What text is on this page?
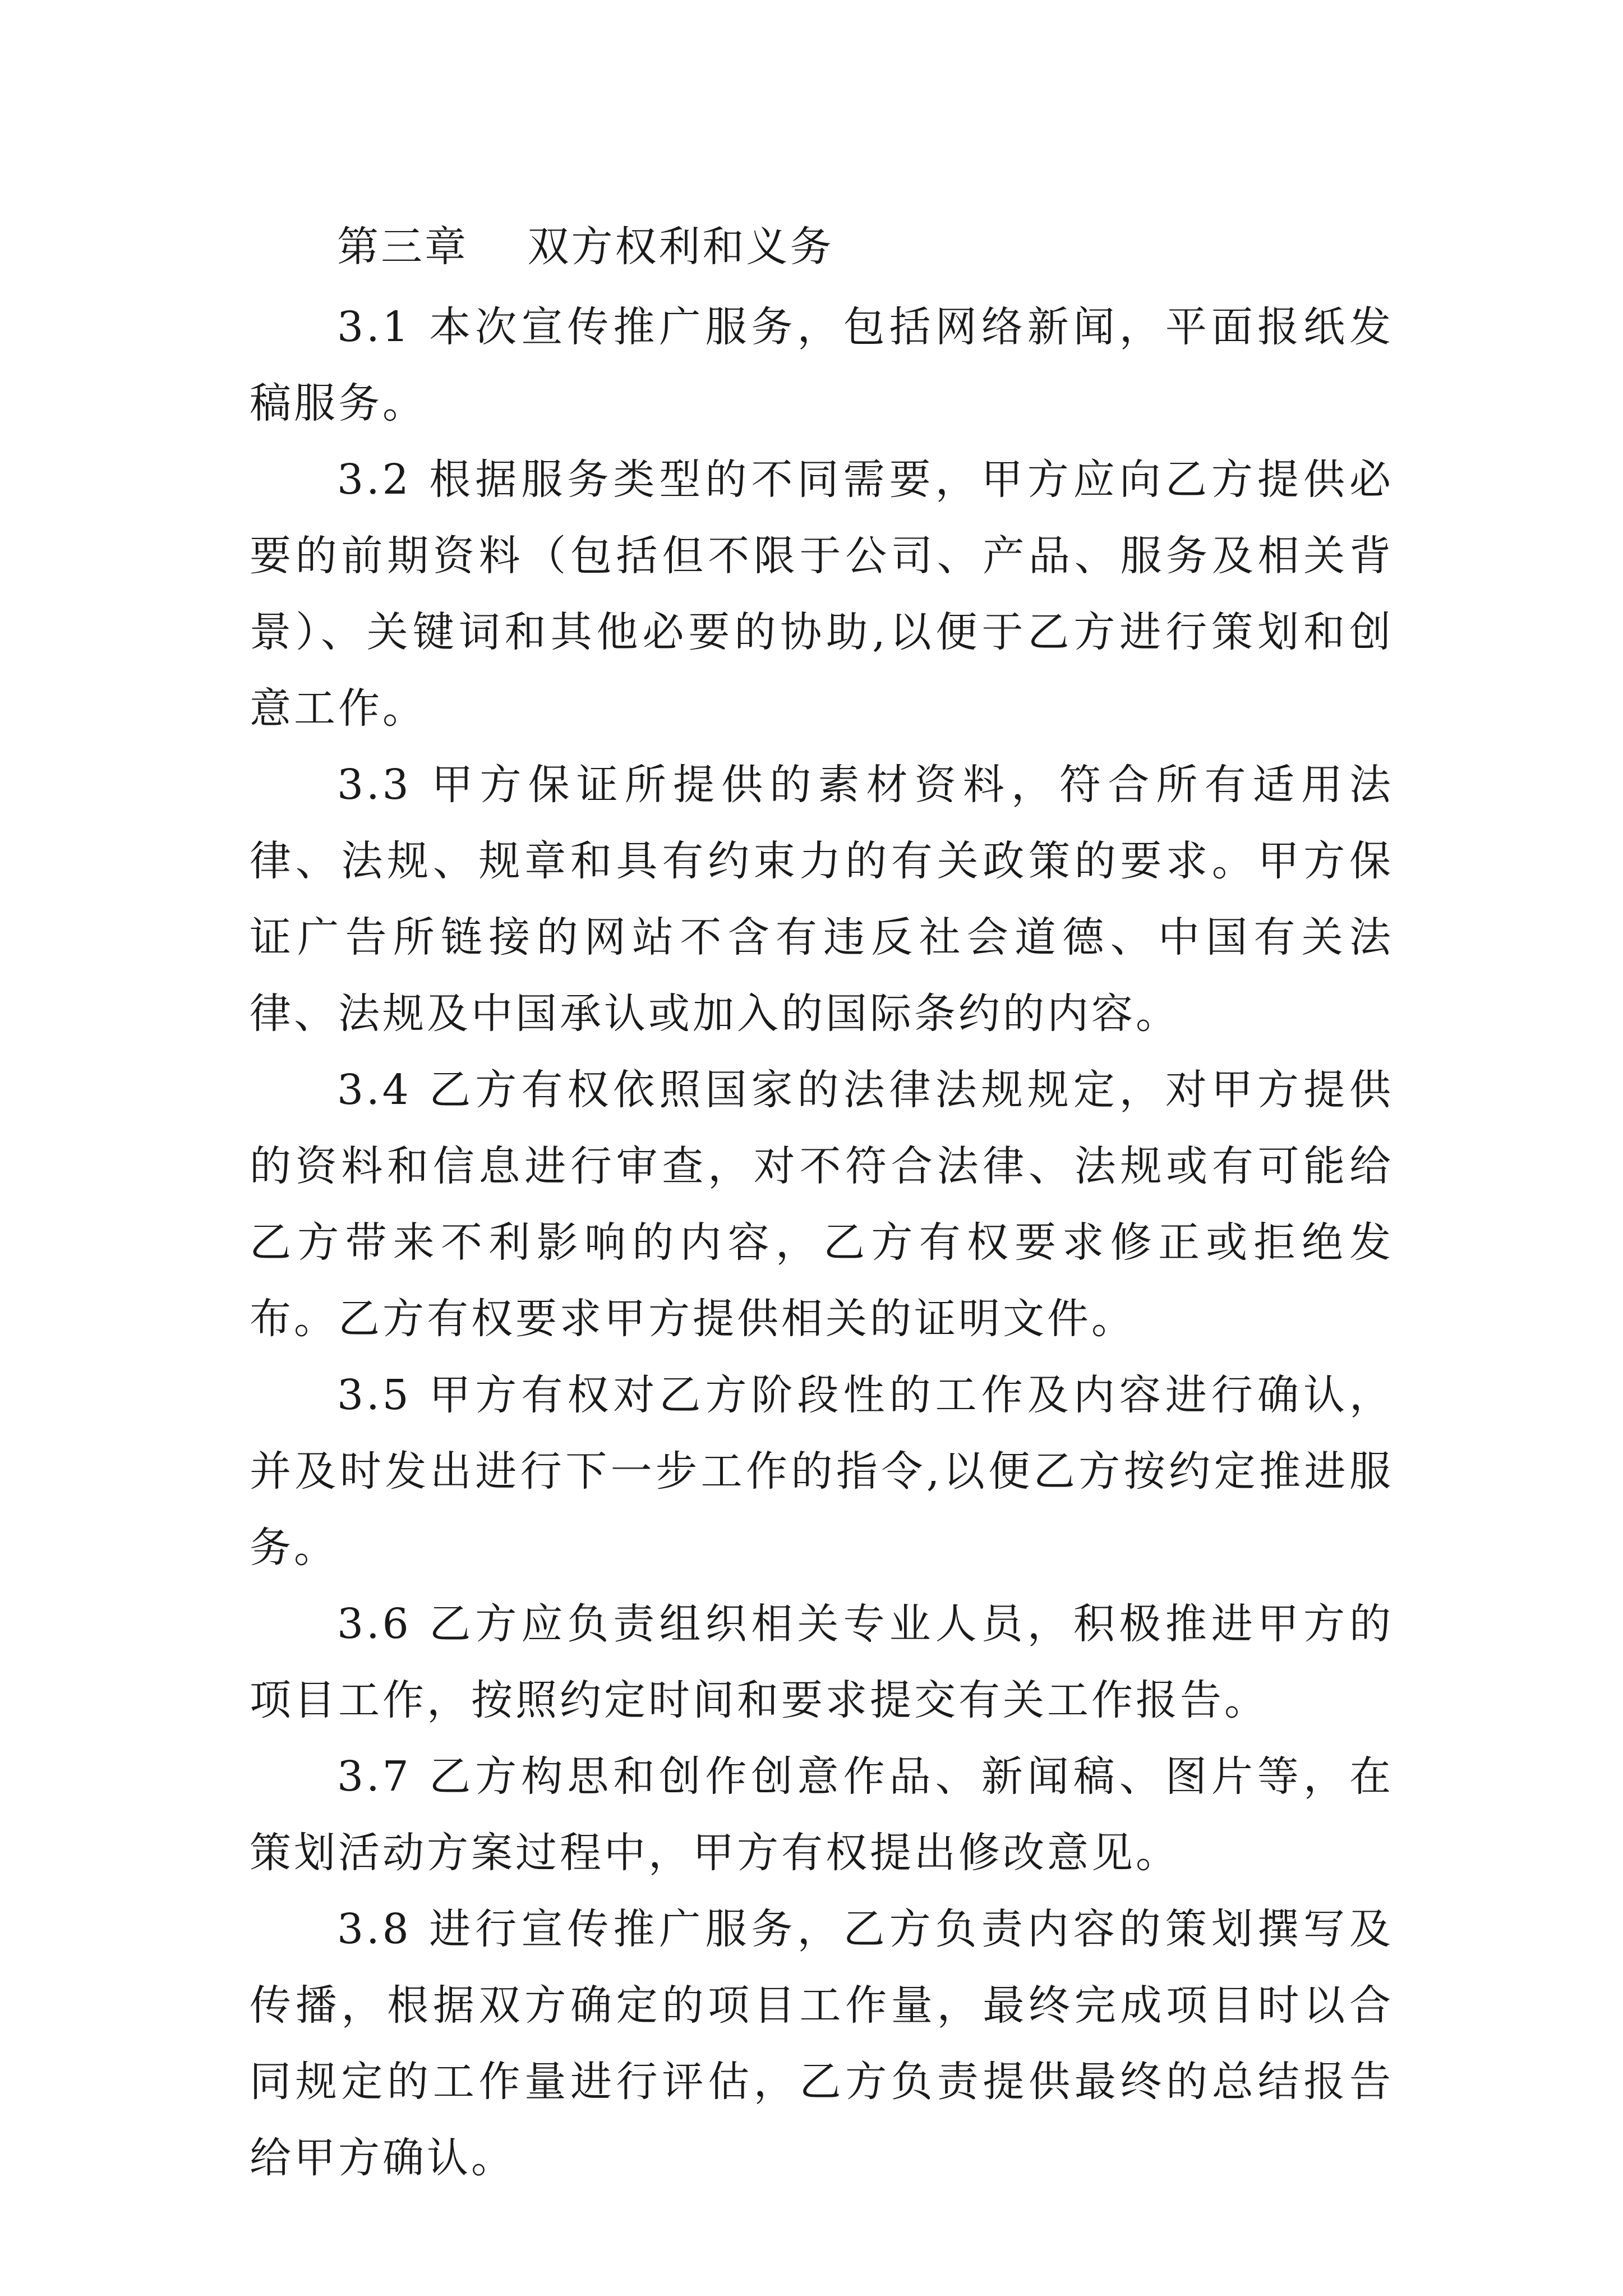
第三章　 双方权利和义务

3.1 本次宣传推广服务，包括网络新闻，平面报纸发稿服务。

3.2 根据服务类型的不同需要，甲方应向乙方提供必要的前期资料（包括但不限于公司、产品、服务及相关背景）、关键词和其他必要的协助,以便于乙方进行策划和创意工作。

3.3 甲方保证所提供的素材资料，符合所有适用法律、法规、规章和具有约束力的有关政策的要求。甲方保证广告所链接的网站不含有违反社会道德、中国有关法律、法规及中国承认或加入的国际条约的内容。

3.4 乙方有权依照国家的法律法规规定，对甲方提供的资料和信息进行审查，对不符合法律、法规或有可能给乙方带来不利影响的内容，乙方有权要求修正或拒绝发布。乙方有权要求甲方提供相关的证明文件。

3.5 甲方有权对乙方阶段性的工作及内容进行确认，并及时发出进行下一步工作的指令,以便乙方按约定推进服务。

3.6 乙方应负责组织相关专业人员，积极推进甲方的项目工作，按照约定时间和要求提交有关工作报告。

3.7 乙方构思和创作创意作品、新闻稿、图片等，在策划活动方案过程中，甲方有权提出修改意见。

3.8 进行宣传推广服务，乙方负责内容的策划撰写及传播，根据双方确定的项目工作量，最终完成项目时以合同规定的工作量进行评估，乙方负责提供最终的总结报告给甲方确认。
